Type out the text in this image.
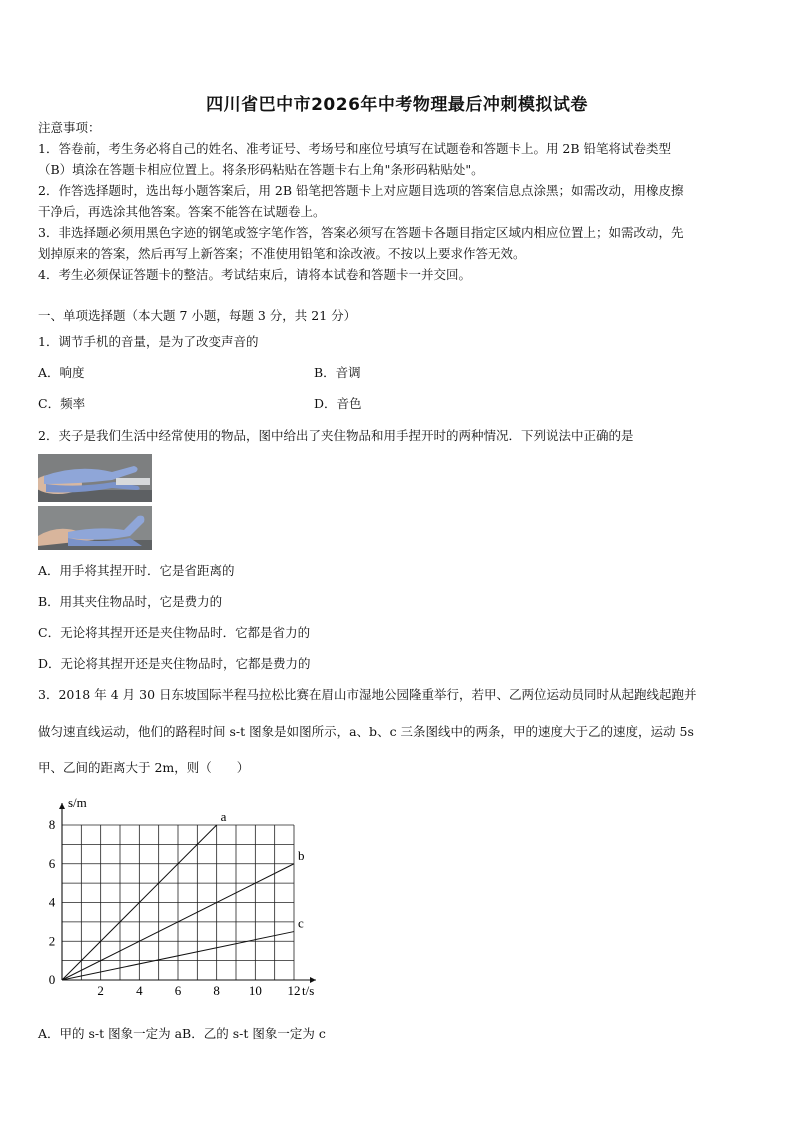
四川省巴中市2026年中考物理最后冲刺模拟试卷
注意事项：
1．答卷前，考生务必将自己的姓名、准考证号、考场号和座位号填写在试题卷和答题卡上。用 2B 铅笔将试卷类型
（B）填涂在答题卡相应位置上。将条形码粘贴在答题卡右上角"条形码粘贴处"。
2．作答选择题时，选出每小题答案后，用 2B 铅笔把答题卡上对应题目选项的答案信息点涂黑；如需改动，用橡皮擦
干净后，再选涂其他答案。答案不能答在试题卷上。
3．非选择题必须用黑色字迹的钢笔或签字笔作答，答案必须写在答题卡各题目指定区域内相应位置上；如需改动，先
划掉原来的答案，然后再写上新答案；不准使用铅笔和涂改液。不按以上要求作答无效。
4．考生必须保证答题卡的整洁。考试结束后，请将本试卷和答题卡一并交回。
一、单项选择题（本大题 7 小题，每题 3 分，共 21 分）
1．调节手机的音量，是为了改变声音的
A．响度	B．音调
C．频率	D．音色
2．夹子是我们生活中经常使用的物品，图中给出了夹住物品和用手捏开时的两种情况．下列说法中正确的是
A．用手将其捏开时．它是省距离的
B．用其夹住物品时，它是费力的
C．无论将其捏开还是夹住物品时．它都是省力的
D．无论将其捏开还是夹住物品时，它都是费力的
3．2018 年 4 月 30 日东坡国际半程马拉松比赛在眉山市湿地公园隆重举行，若甲、乙两位运动员同时从起跑线起跑并
做匀速直线运动，他们的路程时间 s-t 图象是如图所示，a、b、c 三条图线中的两条，甲的速度大于乙的速度，运动 5s
甲、乙间的距离大于 2m，则（　　）
2 4 6 8 10 12
0
2
4
6
8
t/s
s/m
a
b
c
A．甲的 s-t 图象一定为 aB．乙的 s-t 图象一定为 c
